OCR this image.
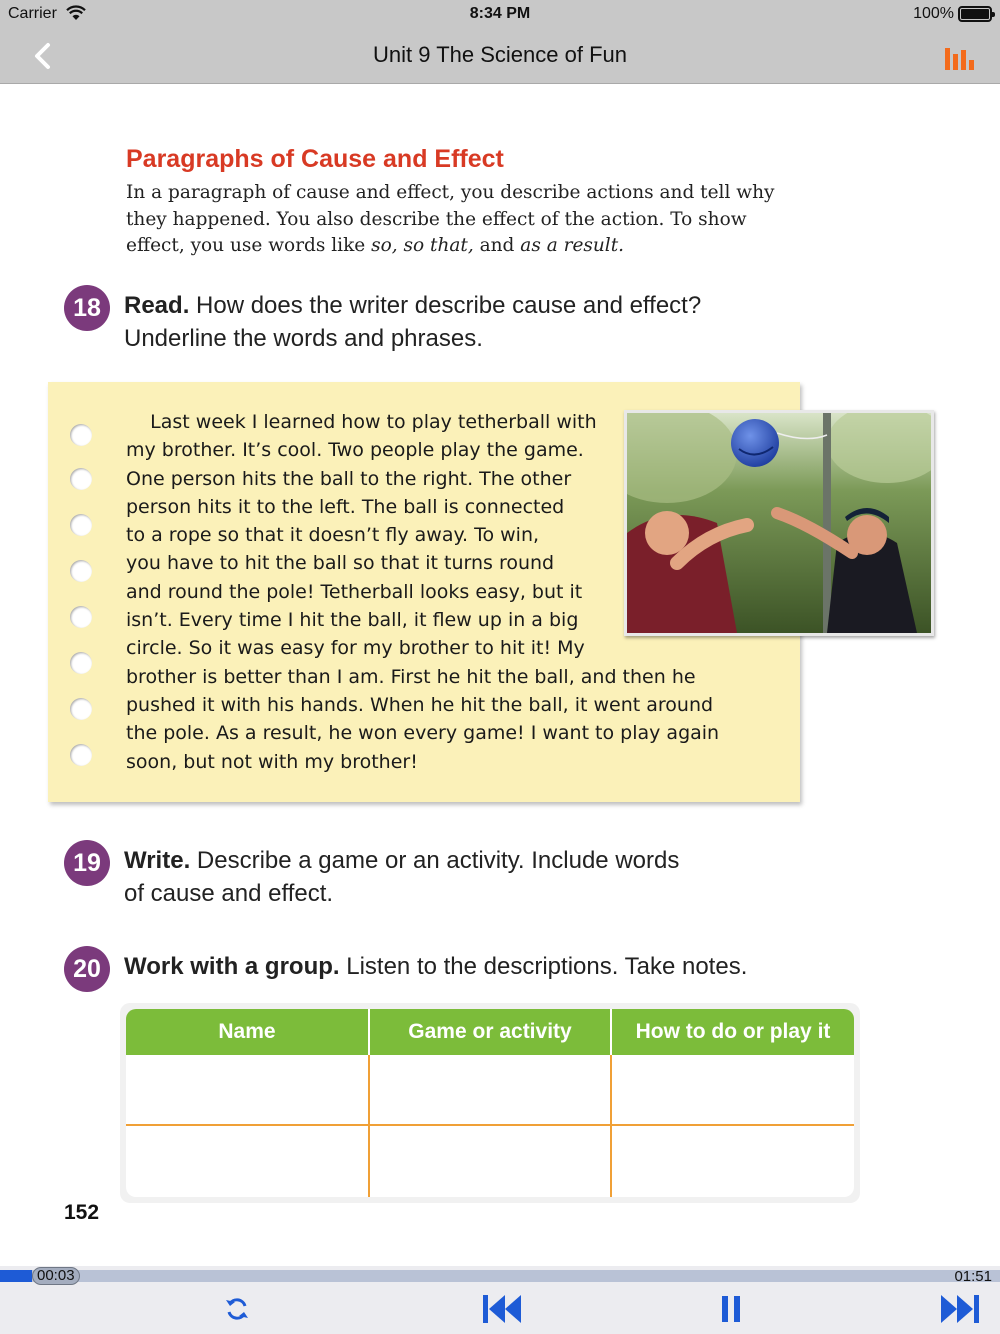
Carrier	8:34 PM	100%
Unit 9 The Science of Fun
Paragraphs of Cause and Effect
In a paragraph of cause and effect, you describe actions and tell why
they happened. You also describe the effect of the action. To show
effect, you use words like so, so that, and as a result.
18 Read. How does the writer describe cause and effect?
Underline the words and phrases.
Last week I learned how to play tetherball with
my brother. It’s cool. Two people play the game.
One person hits the ball to the right. The other
person hits it to the left. The ball is connected
to a rope so that it doesn’t fly away. To win,
you have to hit the ball so that it turns round
and round the pole! Tetherball looks easy, but it
isn’t. Every time I hit the ball, it flew up in a big
circle. So it was easy for my brother to hit it! My
brother is better than I am. First he hit the ball, and then he
pushed it with his hands. When he hit the ball, it went around
the pole. As a result, he won every game! I want to play again
soon, but not with my brother!
19 Write. Describe a game or an activity. Include words
of cause and effect.
20 Work with a group. Listen to the descriptions. Take notes.
Name	Game or activity	How to do or play it
152
00:03	01:51
